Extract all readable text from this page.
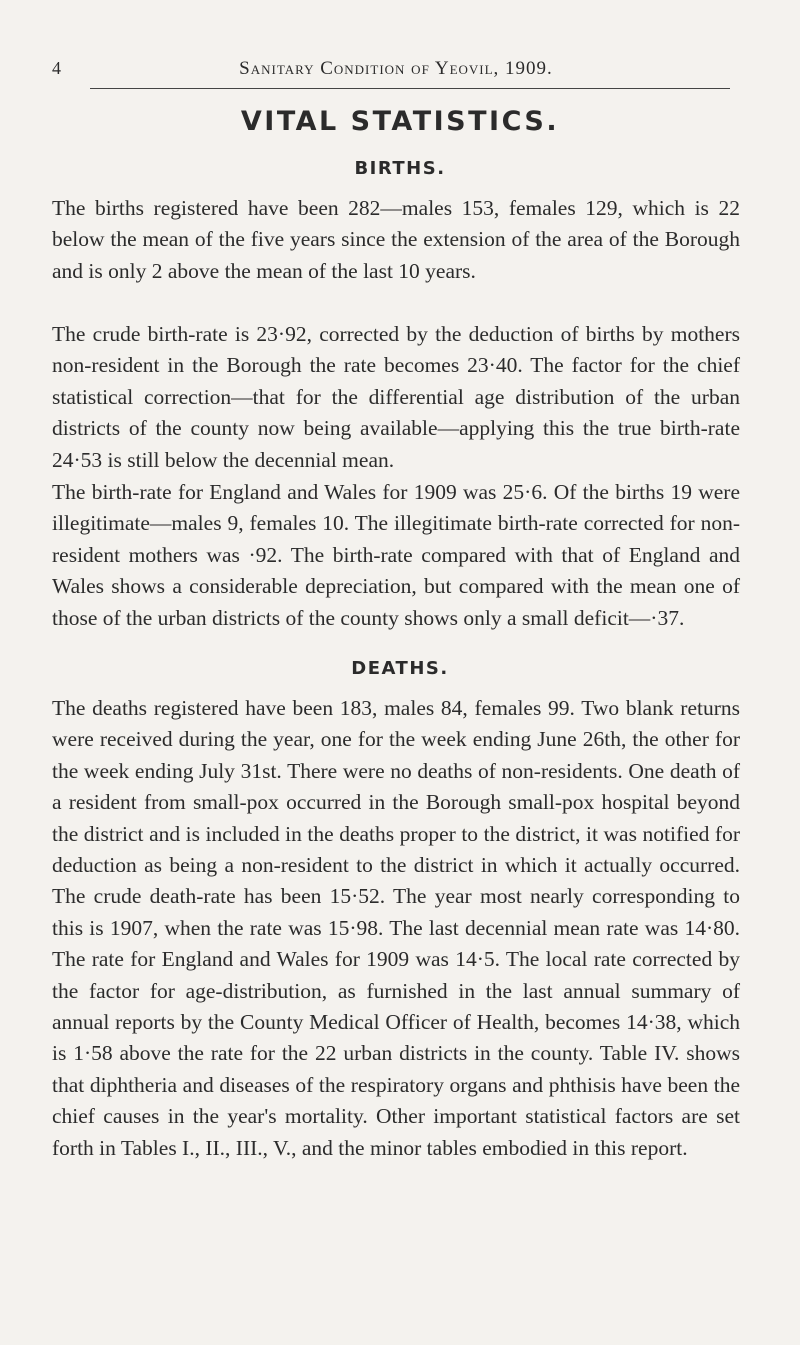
4	Sanitary Condition of Yeovil, 1909.
VITAL STATISTICS.
BIRTHS.

The births registered have been 282—males 153, females 129, which is 22 below the mean of the five years since the extension of the area of the Borough and is only 2 above the mean of the last 10 years.

The crude birth-rate is 23·92, corrected by the deduction of births by mothers non-resident in the Borough the rate becomes 23·40. The factor for the chief statistical correction—that for the differential age distribution of the urban districts of the county now being available—applying this the true birth-rate 24·53 is still below the decennial mean.

The birth-rate for England and Wales for 1909 was 25·6. Of the births 19 were illegitimate—males 9, females 10. The illegitimate birth-rate corrected for non-resident mothers was ·92. The birth-rate compared with that of England and Wales shows a considerable depreciation, but compared with the mean one of those of the urban districts of the county shows only a small deficit—·37.

DEATHS.

The deaths registered have been 183, males 84, females 99. Two blank returns were received during the year, one for the week ending June 26th, the other for the week ending July 31st. There were no deaths of non-residents. One death of a resident from small-pox occurred in the Borough small-pox hospital beyond the district and is included in the deaths proper to the district, it was notified for deduction as being a non-resident to the district in which it actually occurred. The crude death-rate has been 15·52. The year most nearly corresponding to this is 1907, when the rate was 15·98. The last decennial mean rate was 14·80. The rate for England and Wales for 1909 was 14·5. The local rate corrected by the factor for age-distribution, as furnished in the last annual summary of annual reports by the County Medical Officer of Health, becomes 14·38, which is 1·58 above the rate for the 22 urban districts in the county. Table IV. shows that diphtheria and diseases of the respiratory organs and phthisis have been the chief causes in the year's mortality. Other important statistical factors are set forth in Tables I., II., III., V., and the minor tables embodied in this report.
